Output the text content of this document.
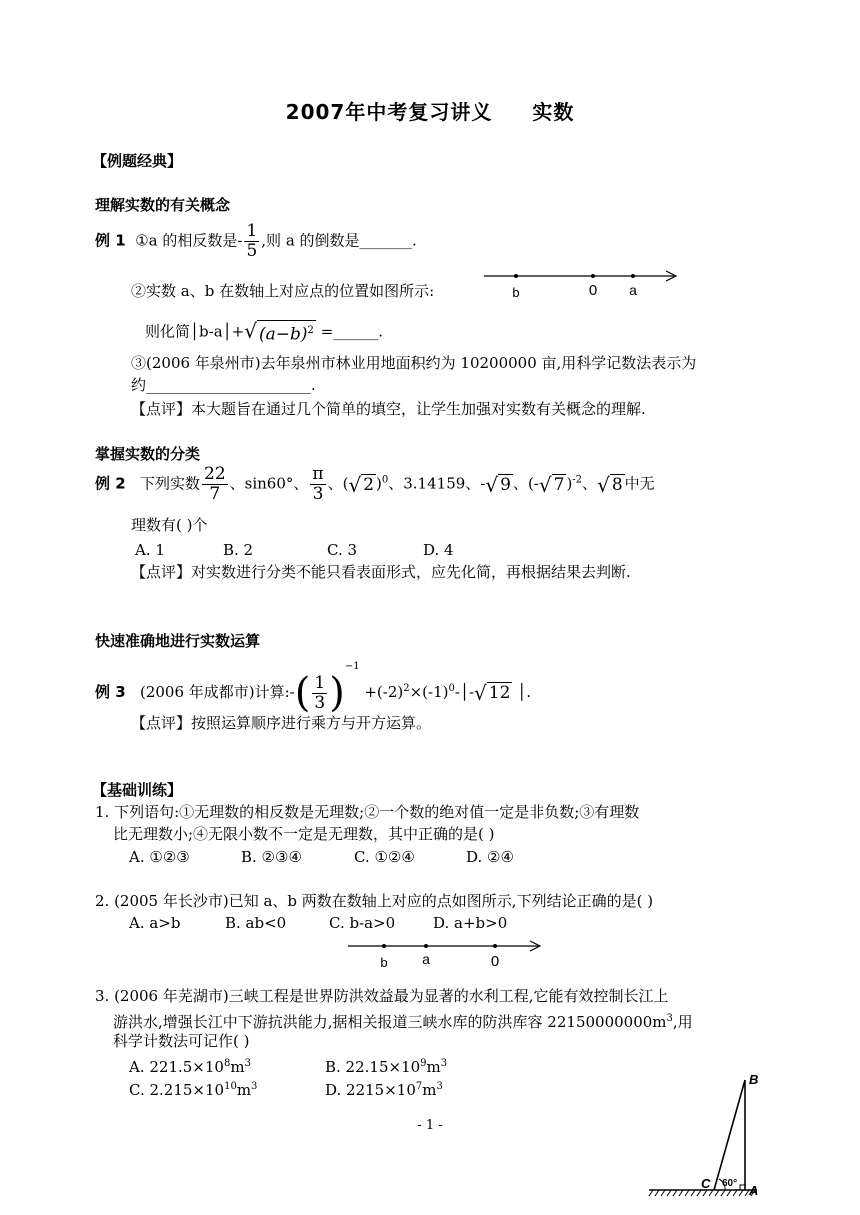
2007年中考复习讲义 实数
【例题经典】
理解实数的有关概念
例 1 ①a 的相反数是- $\frac{1}{5}$ ,则 a 的倒数是_______.
②实数 a、b 在数轴上对应点的位置如图所示:	b	0 a
则化简│b-a│+ √ $(a-b)^2$ =______.
③(2006 年泉州市)去年泉州市林业用地面积约为 10200000 亩,用科学记数法表示为
约______________________.
【点评】本大题旨在通过几个简单的填空，让学生加强对实数有关概念的理解.
掌握实数的分类
例 2 下列实数 $\frac{22}{7}$ 、sin60°、 $\frac{\pi}{3}$ 、( √ 2 )$^0$、3.14159、- √ 9 、(- √ 7 )$^{-2}$、 √ 8 中无
理数有( )个
A. 1	B. 2	C. 3	D. 4
【点评】对实数进行分类不能只看表面形式，应先化简，再根据结果去判断.
快速准确地进行实数运算
例 3 (2006 年成都市)计算:-( $\frac{1}{3} )^{-1}$ $+(-2)^2\times(-1)^0-│-$ √ 12 │.
【点评】按照运算顺序进行乘方与开方运算。
【基础训练】
1. 下列语句:①无理数的相反数是无理数;②一个数的绝对值一定是非负数;③有理数
比无理数小;④无限小数不一定是无理数，其中正确的是( )
A. ①②③	B. ②③④	C. ①②④	D. ②④
2. (2005 年长沙市)已知 a、b 两数在数轴上对应的点如图所示,下列结论正确的是( )
A. a>b	B. ab<0	C. b-a>0	D. a+b>0
b a	0
3. (2006 年芜湖市)三峡工程是世界防洪效益最为显著的水利工程,它能有效控制长江上
游洪水,增强长江中下游抗洪能力,据相关报道三峡水库的防洪库容 $22150000000m^3$,用
科学计数法可记作( )
A. $221.5\times 10^8m^3$	B. $22.15\times 10^9m^3$
C. $2.215\times 10^{10}m^3$	D. $2215\times 10^7m^3$	B
C	A
60°
- 1 -
